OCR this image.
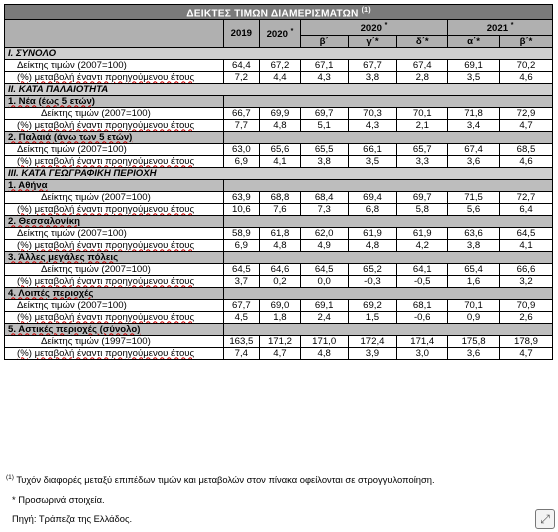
ΔΕΙΚΤΕΣ ΤΙΜΩΝ ΔΙΑΜΕΡΙΣΜΑΤΩΝ $^{(1)}$
	2019	2020 *	2020 *			2021 *
			β΄	γ΄*	δ΄*	α΄*	β΄*
I. ΣΥΝΟΛΟ							
Δείκτης τιμών (2007=100)	64,4	67,2	67,1	67,7	67,4	69,1	70,2
(%) μεταβολή έναντι προηγούμενου έτους	7,2	4,4	4,3	3,8	2,8	3,5	4,6
II. ΚΑΤΑ ΠΑΛΑΙΟΤΗΤΑ							
1. Νέα (έως 5 ετών)							
Δείκτης τιμών (2007=100)	66,7	69,9	69,7	70,3	70,1	71,8	72,9
(%) μεταβολή έναντι προηγούμενου έτους	7,7	4,8	5,1	4,3	2,1	3,4	4,7
2. Παλαιά (άνω των 5 ετών)							
Δείκτης τιμών (2007=100)	63,0	65,6	65,5	66,1	65,7	67,4	68,5
(%) μεταβολή έναντι προηγούμενου έτους	6,9	4,1	3,8	3,5	3,3	3,6	4,6
III. ΚΑΤΑ ΓΕΩΓΡΑΦΙΚΗ ΠΕΡΙΟΧΗ							
1. Αθήνα							
Δείκτης τιμών (2007=100)	63,9	68,8	68,4	69,4	69,7	71,5	72,7
(%) μεταβολή έναντι προηγούμενου έτους	10,6	7,6	7,3	6,8	5,8	5,6	6,4
2. Θεσσαλονίκη							
Δείκτης τιμών (2007=100)	58,9	61,8	62,0	61,9	61,9	63,6	64,5
(%) μεταβολή έναντι προηγούμενου έτους	6,9	4,8	4,9	4,8	4,2	3,8	4,1
3. Άλλες μεγάλες πόλεις							
Δείκτης τιμών (2007=100)	64,5	64,6	64,5	65,2	64,1	65,4	66,6
(%) μεταβολή έναντι προηγούμενου έτους	3,7	0,2	0,0	-0,3	-0,5	1,6	3,2
4. Λοιπές περιοχές							
Δείκτης τιμών (2007=100)	67,7	69,0	69,1	69,2	68,1	70,1	70,9
(%) μεταβολή έναντι προηγούμενου έτους	4,5	1,8	2,4	1,5	-0,6	0,9	2,6
5. Αστικές περιοχές (σύνολο)							
Δείκτης τιμών (1997=100)	163,5	171,2	171,0	172,4	171,4	175,8	178,9
(%) μεταβολή έναντι προηγούμενου έτους	7,4	4,7	4,8	3,9	3,0	3,6	4,7
$^{(1)}$ Τυχόν διαφορές μεταξύ επιπέδων τιμών και μεταβολών στον πίνακα οφείλονται σε στρογγυλοποίηση.
* Προσωρινά στοιχεία.
Πηγή: Τράπεζα της Ελλάδος.	⤢
